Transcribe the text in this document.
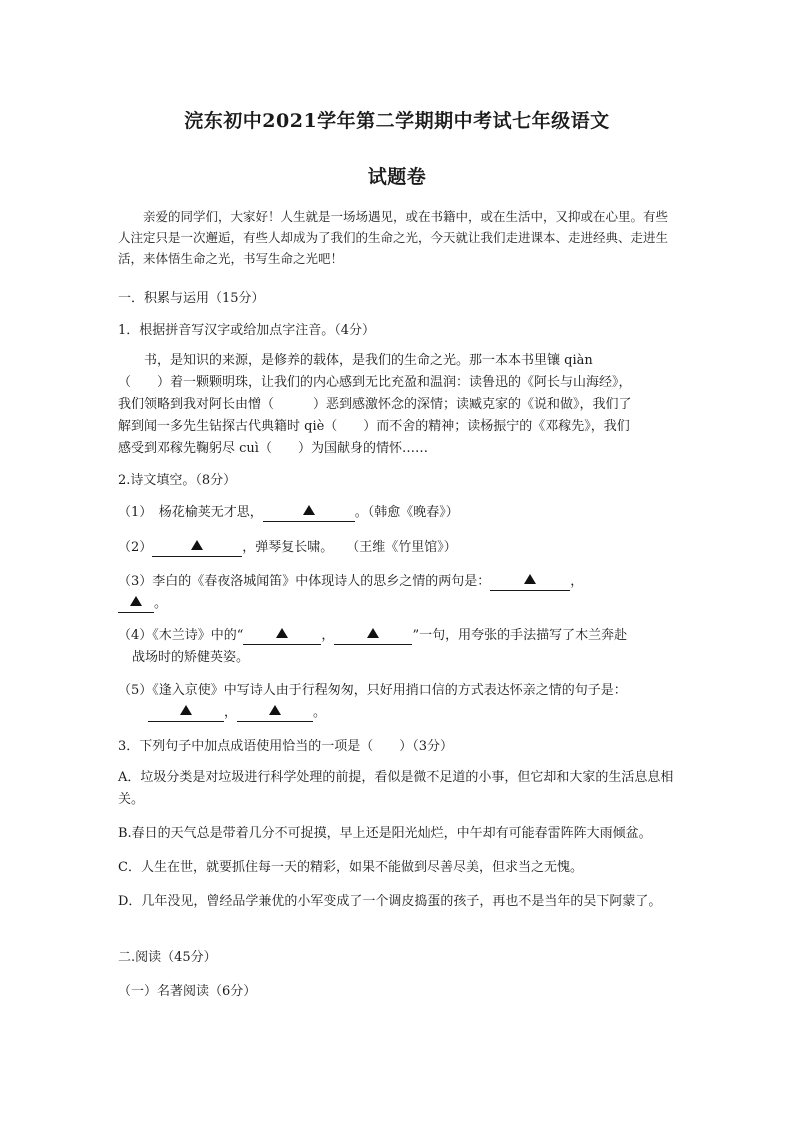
浣东初中2021学年第二学期期中考试七年级语文
试题卷
亲爱的同学们，大家好！人生就是一场场遇见，或在书籍中，或在生活中，又抑或在心里。有些人注定只是一次邂逅，有些人却成为了我们的生命之光，今天就让我们走进课本、走进经典、走进生活，来体悟生命之光，书写生命之光吧！
一．积累与运用（15分）
1．根据拼音写汉字或给加点字注音。（4分）
书，是知识的来源，是修养的载体，是我们的生命之光。那一本本书里镶 qiàn
（　　）着一颗颗明珠，让我们的内心感到无比充盈和温润：读鲁迅的《阿长与山海经》，
我们领略到我对阿长由憎（　　　）恶到感激怀念的深情；读臧克家的《说和做》，我们了
解到闻一多先生钻探古代典籍时 qiè（　　）而不舍的精神；读杨振宁的《邓稼先》，我们
感受到邓稼先鞠躬尽 cuì（　　）为国献身的情怀……
2.诗文填空。（8分）
（1）　杨花榆荚无才思，	。（韩愈《晚春》）
（2）	，弹琴复长啸。　　（王维《竹里馆》）
（3）李白的《春夜洛城闻笛》中体现诗人的思乡之情的两句是：	，
。
（4）《木兰诗》中的“	，	”一句，用夸张的手法描写了木兰奔赴

战场时的矫健英姿。
（5）《逢入京使》中写诗人由于行程匆匆，只好用捎口信的方式表达怀亲之情的句子是：
，	。
3．下列句子中加点成语使用恰当的一项是（　　）（3分）
A．垃圾分类是对垃圾进行科学处理的前提，看似是微不足道的小事，但它却和大家的生活息息相关。
B.春日的天气总是带着几分不可捉摸，早上还是阳光灿烂，中午却有可能春雷阵阵大雨倾盆。
C．人生在世，就要抓住每一天的精彩，如果不能做到尽善尽美，但求当之无愧。
D．几年没见，曾经品学兼优的小军变成了一个调皮捣蛋的孩子，再也不是当年的吴下阿蒙了。
二.阅读（45分）
（一）名著阅读（6分）
